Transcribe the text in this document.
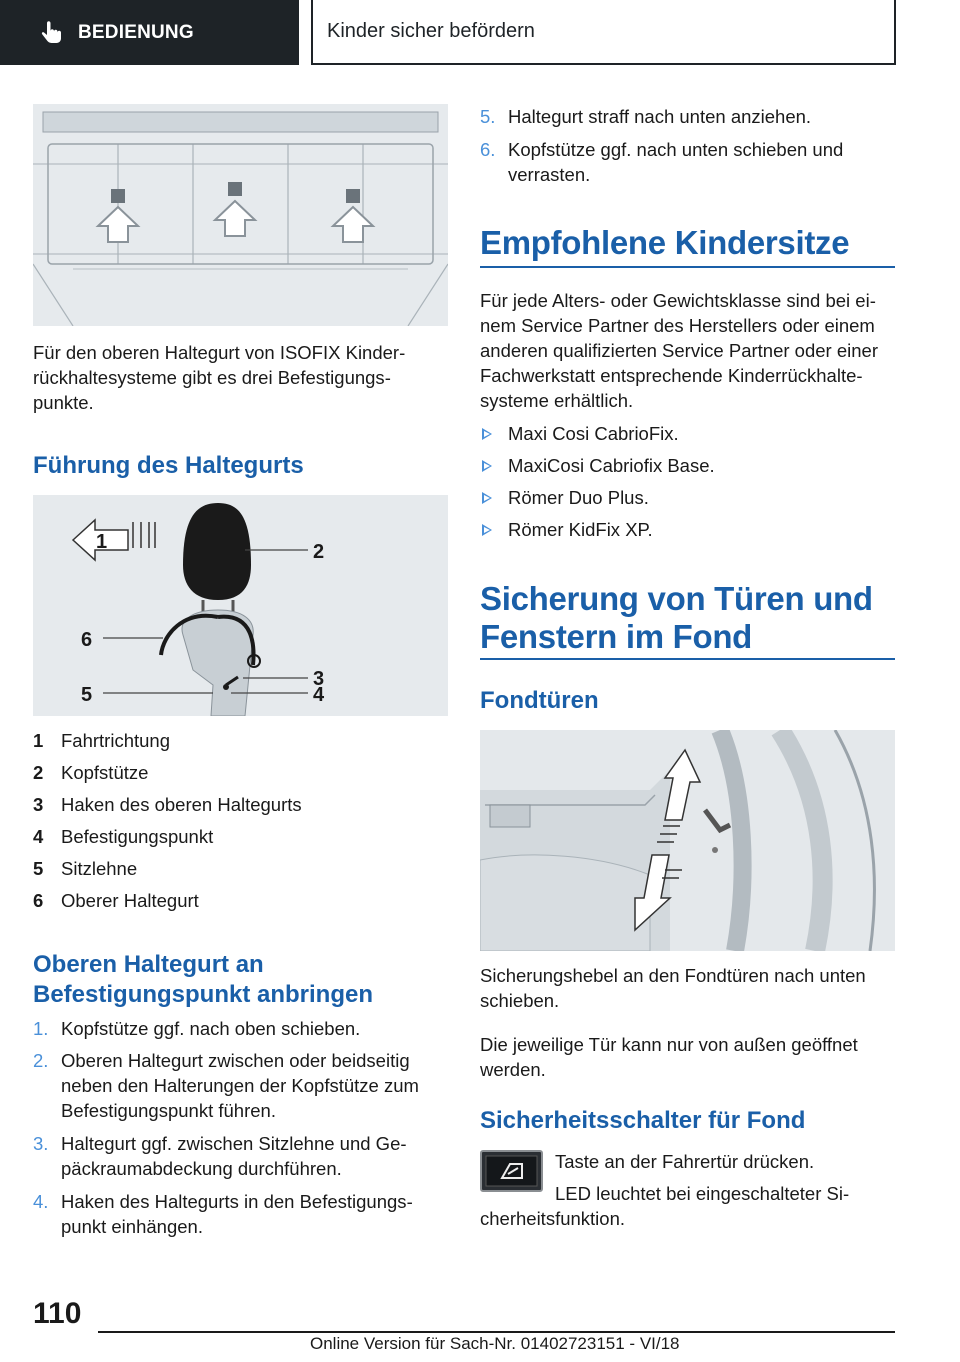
BEDIENUNG	Kinder sicher befördern
Für den oberen Haltegurt von ISOFIX Kinderrückhaltesysteme gibt es drei Befestigungspunkte.
Führung des Haltegurts
1	2
3
4
5
6
1 Fahrtrichtung
2 Kopfstütze
3 Haken des oberen Haltegurts
4 Befestigungspunkt
5 Sitzlehne
6 Oberer Haltegurt
Oberen Haltegurt an Befestigungspunkt anbringen
1. Kopfstütze ggf. nach oben schieben.
2. Oberen Haltegurt zwischen oder beidseitig neben den Halterungen der Kopfstütze zum Befestigungspunkt führen.
3. Haltegurt ggf. zwischen Sitzlehne und Gepäckraumabdeckung durchführen.
4. Haken des Haltegurts in den Befestigungspunkt einhängen.
5. Haltegurt straff nach unten anziehen.
6. Kopfstütze ggf. nach unten schieben und verrasten.
Empfohlene Kindersitze
Für jede Alters- oder Gewichtsklasse sind bei einem Service Partner des Herstellers oder einem anderen qualifizierten Service Partner oder einer Fachwerkstatt entsprechende Kinderrückhaltesysteme erhältlich.
Maxi Cosi CabrioFix.
MaxiCosi Cabriofix Base.
Römer Duo Plus.
Römer KidFix XP.
Sicherung von Türen und Fenstern im Fond
Fondtüren
Sicherungshebel an den Fondtüren nach unten schieben.
Die jeweilige Tür kann nur von außen geöffnet werden.
Sicherheitsschalter für Fond
Taste an der Fahrertür drücken.
LED leuchtet bei eingeschalteter Sicherheitsfunktion.
110
Online Version für Sach-Nr. 01402723151 - VI/18
